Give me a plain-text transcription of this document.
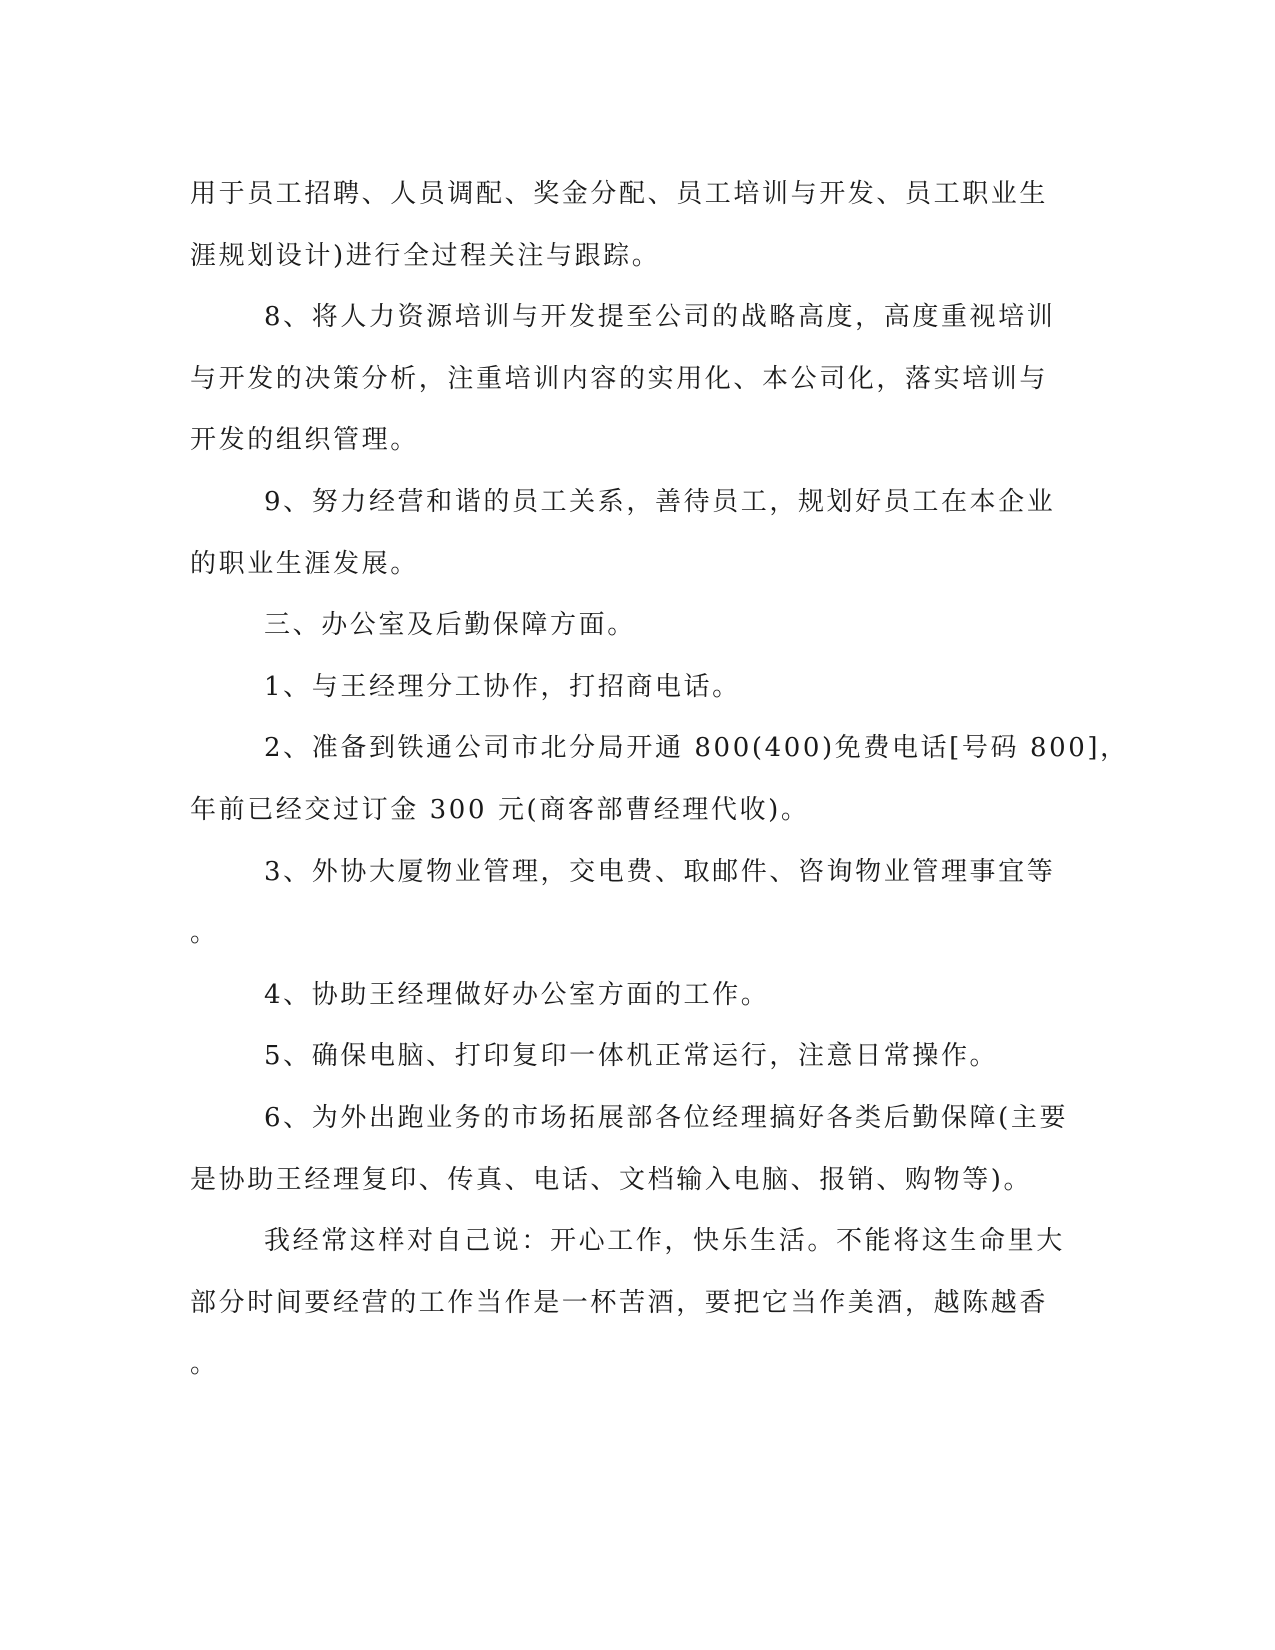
用于员工招聘、人员调配、奖金分配、员工培训与开发、员工职业生
涯规划设计)进行全过程关注与跟踪。
8、将人力资源培训与开发提至公司的战略高度，高度重视培训
与开发的决策分析，注重培训内容的实用化、本公司化，落实培训与
开发的组织管理。
9、努力经营和谐的员工关系，善待员工，规划好员工在本企业
的职业生涯发展。
三、办公室及后勤保障方面。
1、与王经理分工协作，打招商电话。
2、准备到铁通公司市北分局开通 800(400)免费电话[号码 800]，
年前已经交过订金 300 元(商客部曹经理代收)。
3、外协大厦物业管理，交电费、取邮件、咨询物业管理事宜等
。
4、协助王经理做好办公室方面的工作。
5、确保电脑、打印复印一体机正常运行，注意日常操作。
6、为外出跑业务的市场拓展部各位经理搞好各类后勤保障(主要
是协助王经理复印、传真、电话、文档输入电脑、报销、购物等)。
我经常这样对自己说：开心工作，快乐生活。不能将这生命里大
部分时间要经营的工作当作是一杯苦酒，要把它当作美酒，越陈越香
。
